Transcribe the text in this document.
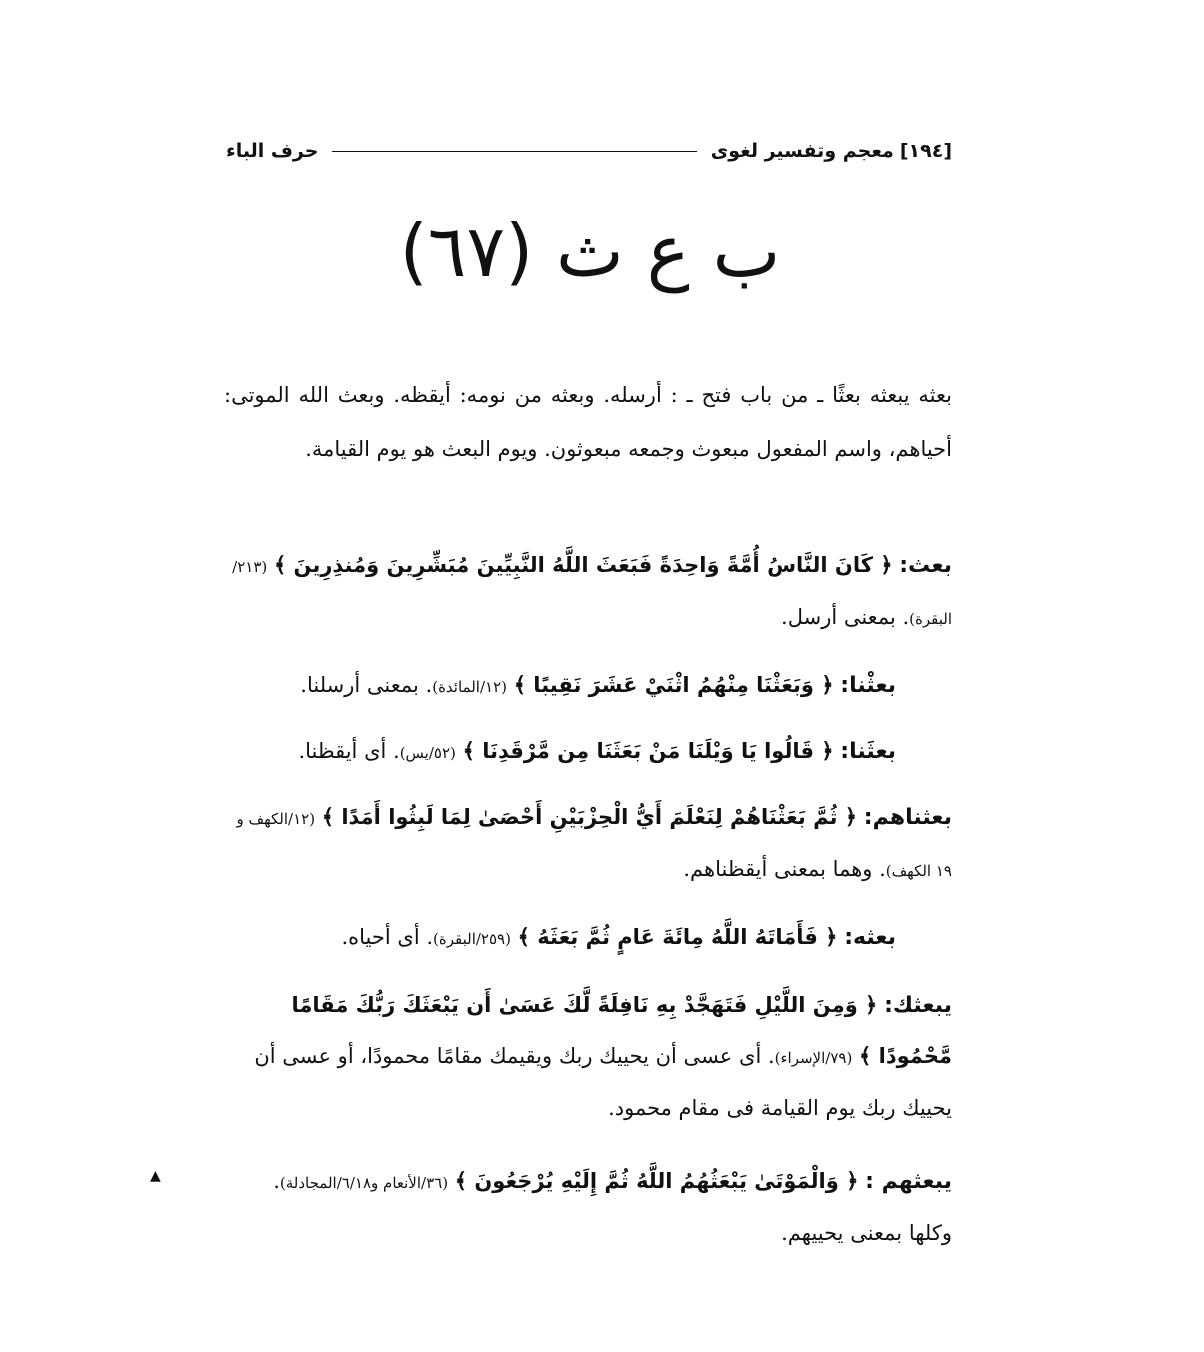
[١٩٤]
معجم وتفسير لغوى
حرف الباء
ب ع ث (٦٧)
بعثه يبعثه بعثًا ـ من باب فتح ـ : أرسله. وبعثه من نومه: أيقظه. وبعث الله الموتى: أحياهم، واسم المفعول مبعوث وجمعه مبعوثون. ويوم البعث هو يوم القيامة.
بعث: ﴿ كَانَ النَّاسُ أُمَّةً وَاحِدَةً فَبَعَثَ اللَّهُ النَّبِيِّينَ مُبَشِّرِينَ وَمُنذِرِينَ ﴾ (٢١٣/البقرة). بمعنى أرسل.
بعثْنا: ﴿ وَبَعَثْنَا مِنْهُمُ اثْنَيْ عَشَرَ نَقِيبًا ﴾ (١٢/المائدة). بمعنى أرسلنا.
بعثَنا: ﴿ قَالُوا يَا وَيْلَنَا مَنْ بَعَثَنَا مِن مَّرْقَدِنَا ﴾ (٥٢/يس). أى أيقظنا.
بعثناهم: ﴿ ثُمَّ بَعَثْنَاهُمْ لِنَعْلَمَ أَيُّ الْحِزْبَيْنِ أَحْصَىٰ لِمَا لَبِثُوا أَمَدًا ﴾ (١٢/الكهف و ١٩ الكهف). وهما بمعنى أيقظناهم.
بعثه: ﴿ فَأَمَاتَهُ اللَّهُ مِائَةَ عَامٍ ثُمَّ بَعَثَهُ ﴾ (٢٥٩/البقرة). أى أحياه.
يبعثك: ﴿ وَمِنَ اللَّيْلِ فَتَهَجَّدْ بِهِ نَافِلَةً لَّكَ عَسَىٰ أَن يَبْعَثَكَ رَبُّكَ مَقَامًا مَّحْمُودًا ﴾ (٧٩/الإسراء). أى عسى أن يحييك ربك ويقيمك مقامًا محمودًا، أو عسى أن يحييك ربك يوم القيامة فى مقام محمود.
يبعثهم : ﴿ وَالْمَوْتَىٰ يَبْعَثُهُمُ اللَّهُ ثُمَّ إِلَيْهِ يُرْجَعُونَ ﴾ (٣٦/الأنعام و٦/١٨/المجادلة). وكلها بمعنى يحييهم.
▲
